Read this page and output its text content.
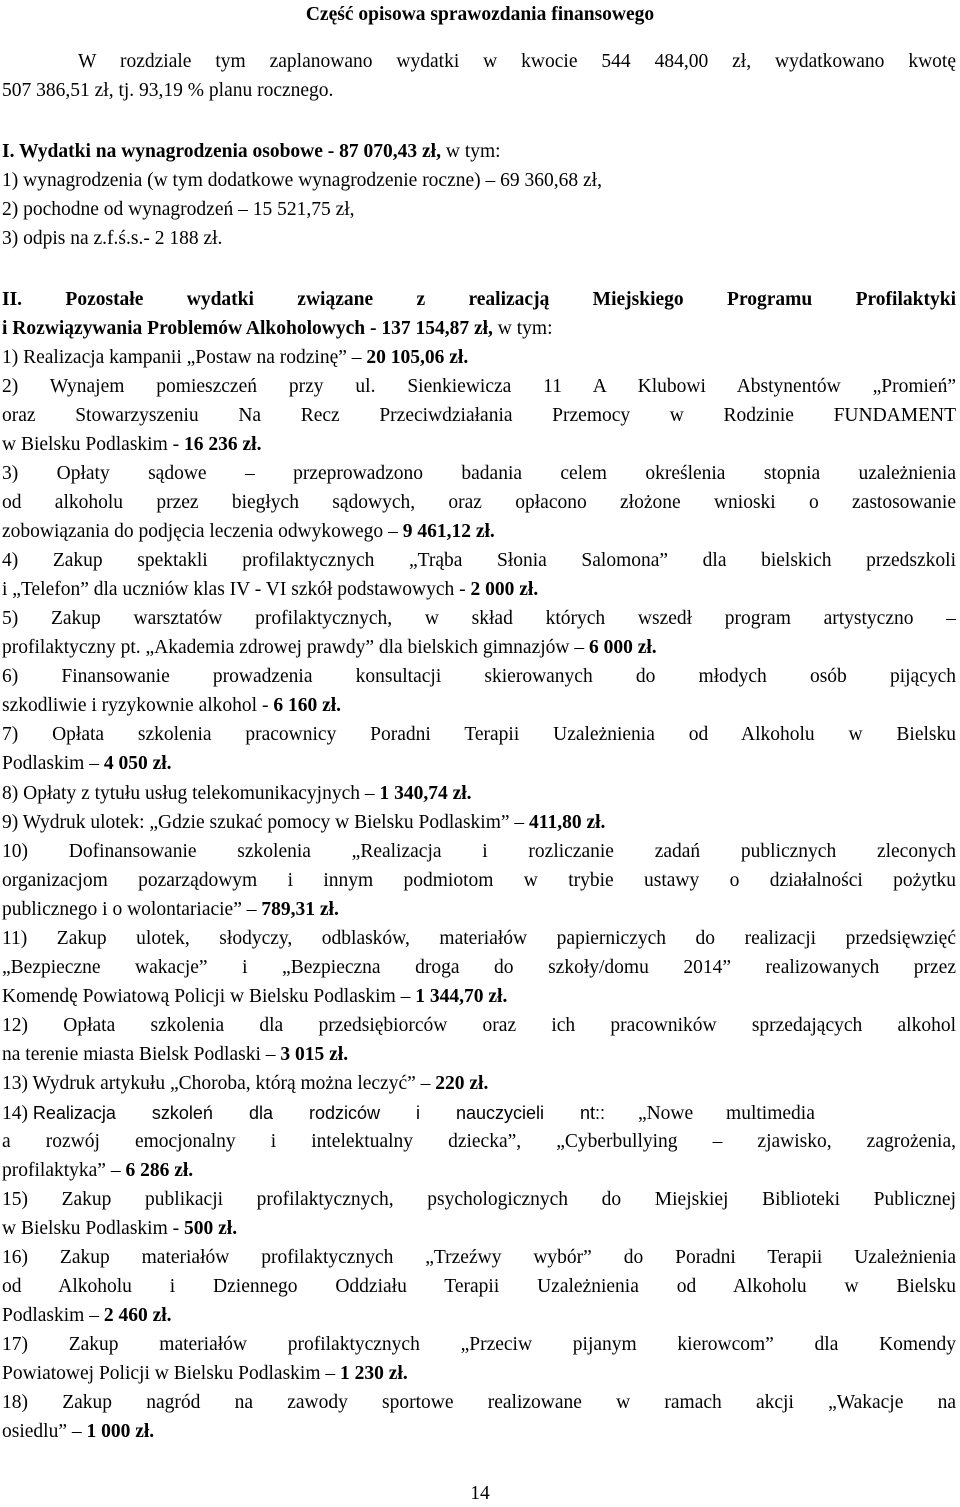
Część opisowa sprawozdania finansowego
W rozdziale tym zaplanowano wydatki w kwocie 544 484,00 zł, wydatkowano kwotę
507 386,51 zł, tj. 93,19 % planu rocznego.
I. Wydatki na wynagrodzenia osobowe - 87 070,43 zł, w tym:
1) wynagrodzenia (w tym dodatkowe wynagrodzenie roczne) – 69 360,68 zł,
2) pochodne od wynagrodzeń – 15 521,75 zł,
3) odpis na z.f.ś.s.- 2 188 zł.
II. Pozostałe wydatki związane z realizacją Miejskiego Programu Profilaktyki
i Rozwiązywania Problemów Alkoholowych - 137 154,87 zł, w tym:
1) Realizacja kampanii „Postaw na rodzinę” – 20 105,06 zł.
2) Wynajem pomieszczeń przy ul. Sienkiewicza 11 A Klubowi Abstynentów „Promień”
oraz Stowarzyszeniu Na Recz Przeciwdziałania Przemocy w Rodzinie FUNDAMENT
w Bielsku Podlaskim - 16 236 zł.
3) Opłaty sądowe – przeprowadzono badania celem określenia stopnia uzależnienia
od alkoholu przez biegłych sądowych, oraz opłacono złożone wnioski o zastosowanie
zobowiązania do podjęcia leczenia odwykowego – 9 461,12 zł.
4) Zakup spektakli profilaktycznych „Trąba Słonia Salomona” dla bielskich przedszkoli
i „Telefon” dla uczniów klas IV - VI szkół podstawowych - 2 000 zł.
5) Zakup warsztatów profilaktycznych, w skład których wszedł program artystyczno –
profilaktyczny pt. „Akademia zdrowej prawdy” dla bielskich gimnazjów – 6 000 zł.
6) Finansowanie prowadzenia konsultacji skierowanych do młodych osób pijących
szkodliwie i ryzykownie alkohol - 6 160 zł.
7) Opłata szkolenia pracownicy Poradni Terapii Uzależnienia od Alkoholu w Bielsku
Podlaskim – 4 050 zł.
8) Opłaty z tytułu usług telekomunikacyjnych – 1 340,74 zł.
9) Wydruk ulotek: „Gdzie szukać pomocy w Bielsku Podlaskim” – 411,80 zł.
10) Dofinansowanie szkolenia „Realizacja i rozliczanie zadań publicznych zleconych
organizacjom pozarządowym i innym podmiotom w trybie ustawy o działalności pożytku
publicznego i o wolontariacie” – 789,31 zł.
11) Zakup ulotek, słodyczy, odblasków, materiałów papierniczych do realizacji przedsięwzięć
„Bezpieczne wakacje” i „Bezpieczna droga do szkoły/domu 2014” realizowanych przez
Komendę Powiatową Policji w Bielsku Podlaskim – 1 344,70 zł.
12) Opłata szkolenia dla przedsiębiorców oraz ich pracowników sprzedających alkohol
na terenie miasta Bielsk Podlaski – 3 015 zł.
13) Wydruk artykułu „Choroba, którą można leczyć” – 220 zł.
14) Realizacja szkoleń dla rodziców i nauczycieli nt:: „Nowe multimedia
a rozwój emocjonalny i intelektualny dziecka”, „Cyberbullying – zjawisko, zagrożenia,
profilaktyka” – 6 286 zł.
15) Zakup publikacji profilaktycznych, psychologicznych do Miejskiej Biblioteki Publicznej
w Bielsku Podlaskim - 500 zł.
16) Zakup materiałów profilaktycznych „Trzeźwy wybór” do Poradni Terapii Uzależnienia
od Alkoholu i Dziennego Oddziału Terapii Uzależnienia od Alkoholu w Bielsku
Podlaskim – 2 460 zł.
17) Zakup materiałów profilaktycznych „Przeciw pijanym kierowcom” dla Komendy
Powiatowej Policji w Bielsku Podlaskim – 1 230 zł.
18) Zakup nagród na zawody sportowe realizowane w ramach akcji „Wakacje na
osiedlu” – 1 000 zł.
14
